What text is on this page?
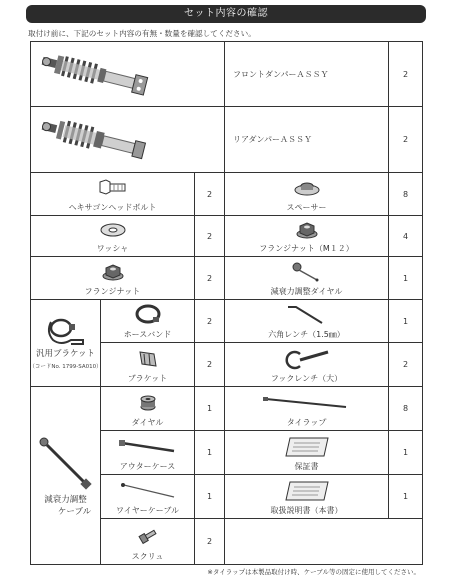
セット内容の確認
取付け前に、下記のセット内容の有無・数量を確認してください。
	フロントダンパーＡＳＳＹ	2

	リアダンパーＡＳＳＹ	2

ヘキサゴンヘッドボルト		2	スペーサー	8

ワッシャ		2	フランジナット（M１２）	4

フランジナット		2	減衰力調整ダイヤル	1

汎用ブラケット
（コードNo. 1799-SA010）	ホースバンド	2	六角レンチ（1.5㎜）	1

	ブラケット	2	フックレンチ（大）	2

減衰力調整
ケーブル	ダイヤル	1	タイラップ	8

	アウターケース	1	保証書	1

	ワイヤーケーブル	1	取扱説明書（本書）	1

	スクリュ	2		
※タイラップは本製品取付け時、ケーブル等の固定に使用してください。
